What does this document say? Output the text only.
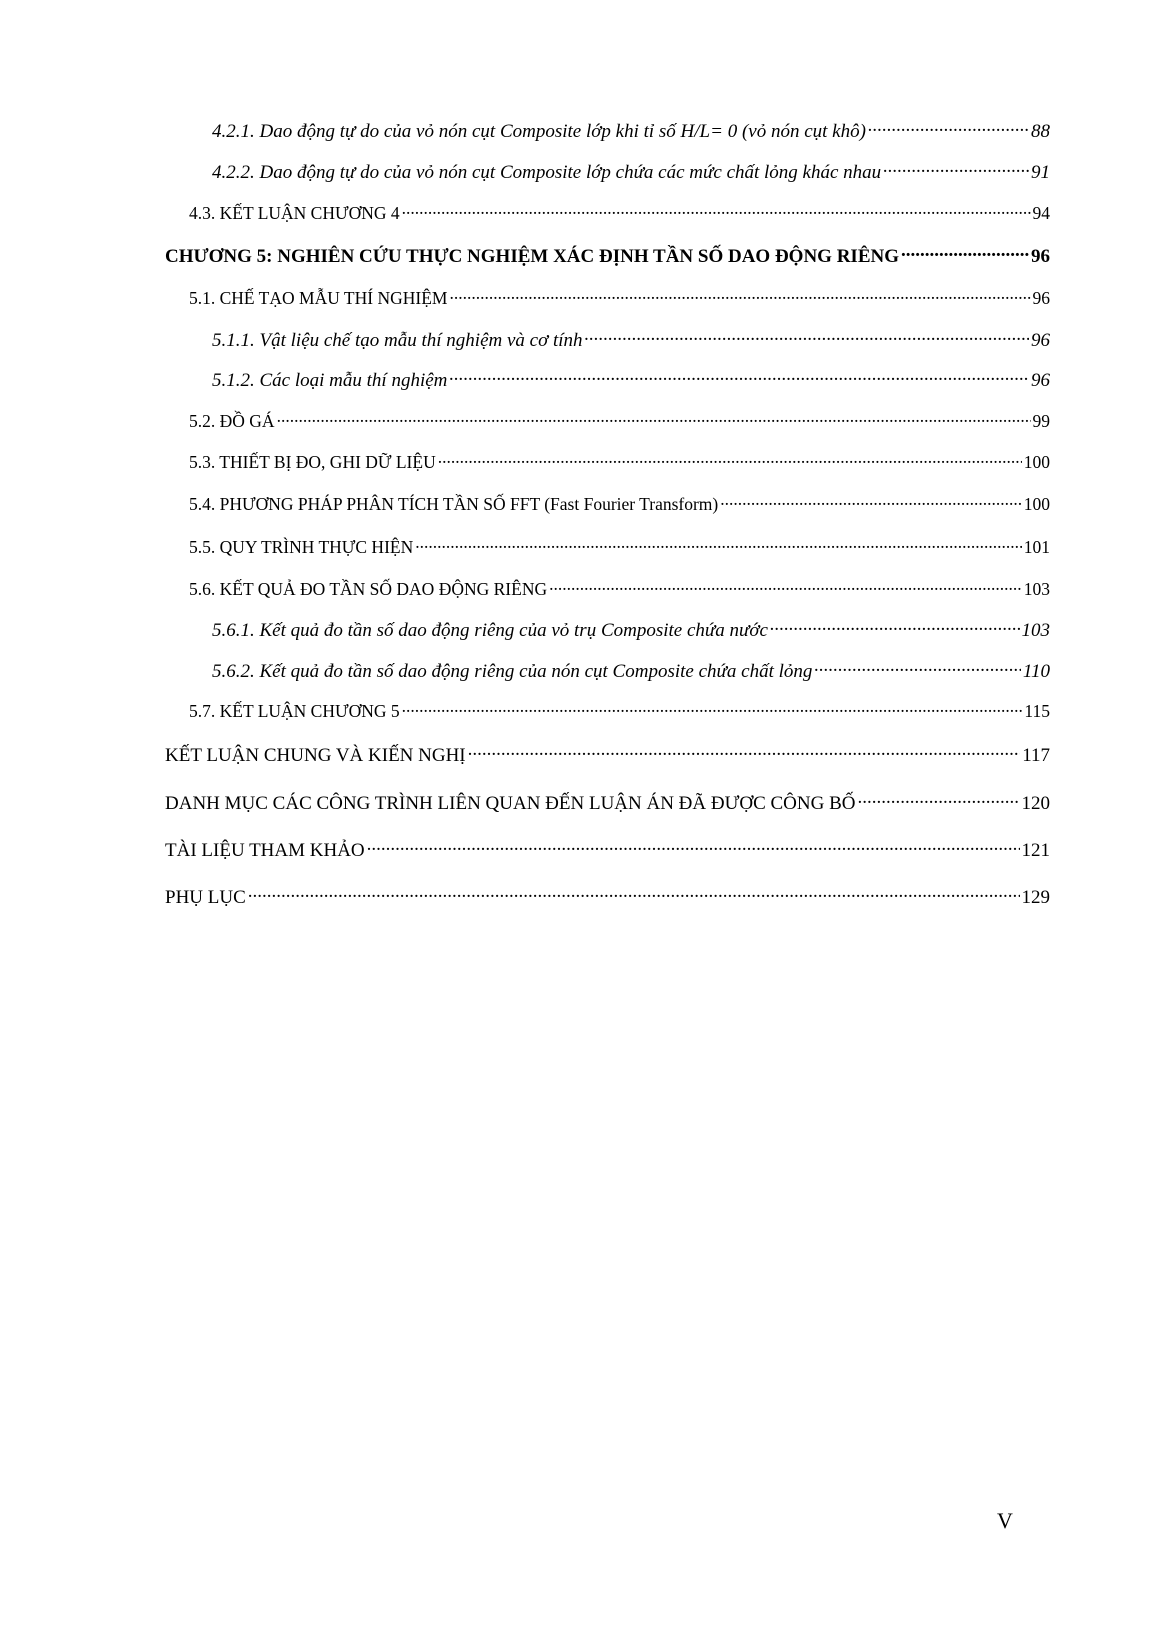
4.2.1. Dao động tự do của vỏ nón cụt Composite lớp khi tỉ số H/L= 0 (vỏ nón cụt khô) .....	88
4.2.2. Dao động tự do của vỏ nón cụt Composite lớp chứa các mức chất lỏng khác nhau .....	91
4.3. KẾT LUẬN CHƯƠNG 4 .....	94
CHƯƠNG 5: NGHIÊN CỨU THỰC NGHIỆM XÁC ĐỊNH TẦN SỐ DAO ĐỘNG RIÊNG .....	96
5.1. CHẾ TẠO MẪU THÍ NGHIỆM .....	96
5.1.1. Vật liệu chế tạo mẫu thí nghiệm và cơ tính .....	96
5.1.2. Các loại mẫu thí nghiệm .....	96
5.2. ĐỒ GÁ .....	99
5.3. THIẾT BỊ ĐO, GHI DỮ LIỆU .....	100
5.4. PHƯƠNG PHÁP PHÂN TÍCH TẦN SỐ FFT (Fast Fourier Transform) .....	100
5.5. QUY TRÌNH THỰC HIỆN .....	101
5.6. KẾT QUẢ ĐO TẦN SỐ DAO ĐỘNG RIÊNG .....	103
5.6.1. Kết quả đo tần số dao động riêng của vỏ trụ Composite chứa nước .....	103
5.6.2. Kết quả đo tần số dao động riêng của nón cụt Composite chứa chất lỏng .....	110
5.7. KẾT LUẬN CHƯƠNG 5 .....	115
KẾT LUẬN CHUNG VÀ KIẾN NGHỊ .....	117
DANH MỤC CÁC CÔNG TRÌNH LIÊN QUAN ĐẾN LUẬN ÁN ĐÃ ĐƯỢC CÔNG BỐ .....	120
TÀI LIỆU THAM KHẢO .....	121
PHỤ LỤC .....	129
V
